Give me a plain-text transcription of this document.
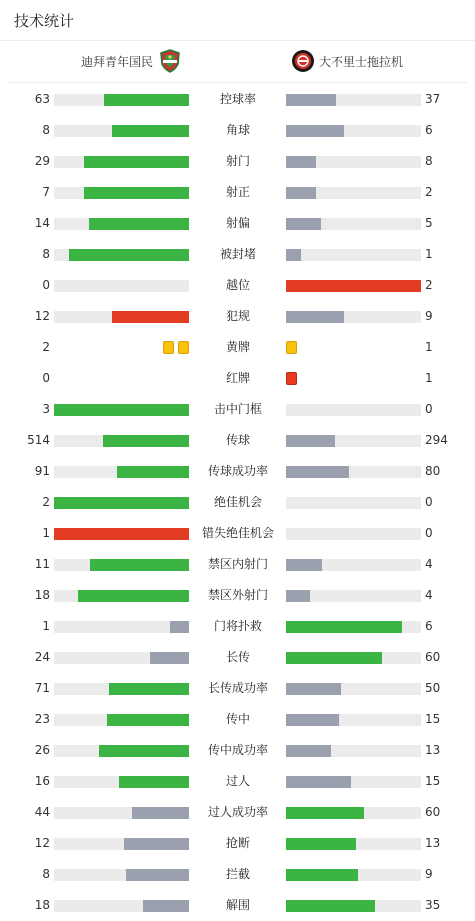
技术统计
迪拜青年国民	大不里士拖拉机
63	控球率	37
8	角球	6
29	射门	8
7	射正	2
14	射偏	5
8	被封堵	1
0	越位	2
12	犯规	9
2	黄牌	1
0	红牌	1
3	击中门框	0
514	传球	294
91	传球成功率	80
2	绝佳机会	0
1	错失绝佳机会	0
11	禁区内射门	4
18	禁区外射门	4
1	门将扑救	6
24	长传	60
71	长传成功率	50
23	传中	15
26	传中成功率	13
16	过人	15
44	过人成功率	60
12	抢断	13
8	拦截	9
18	解围	35
